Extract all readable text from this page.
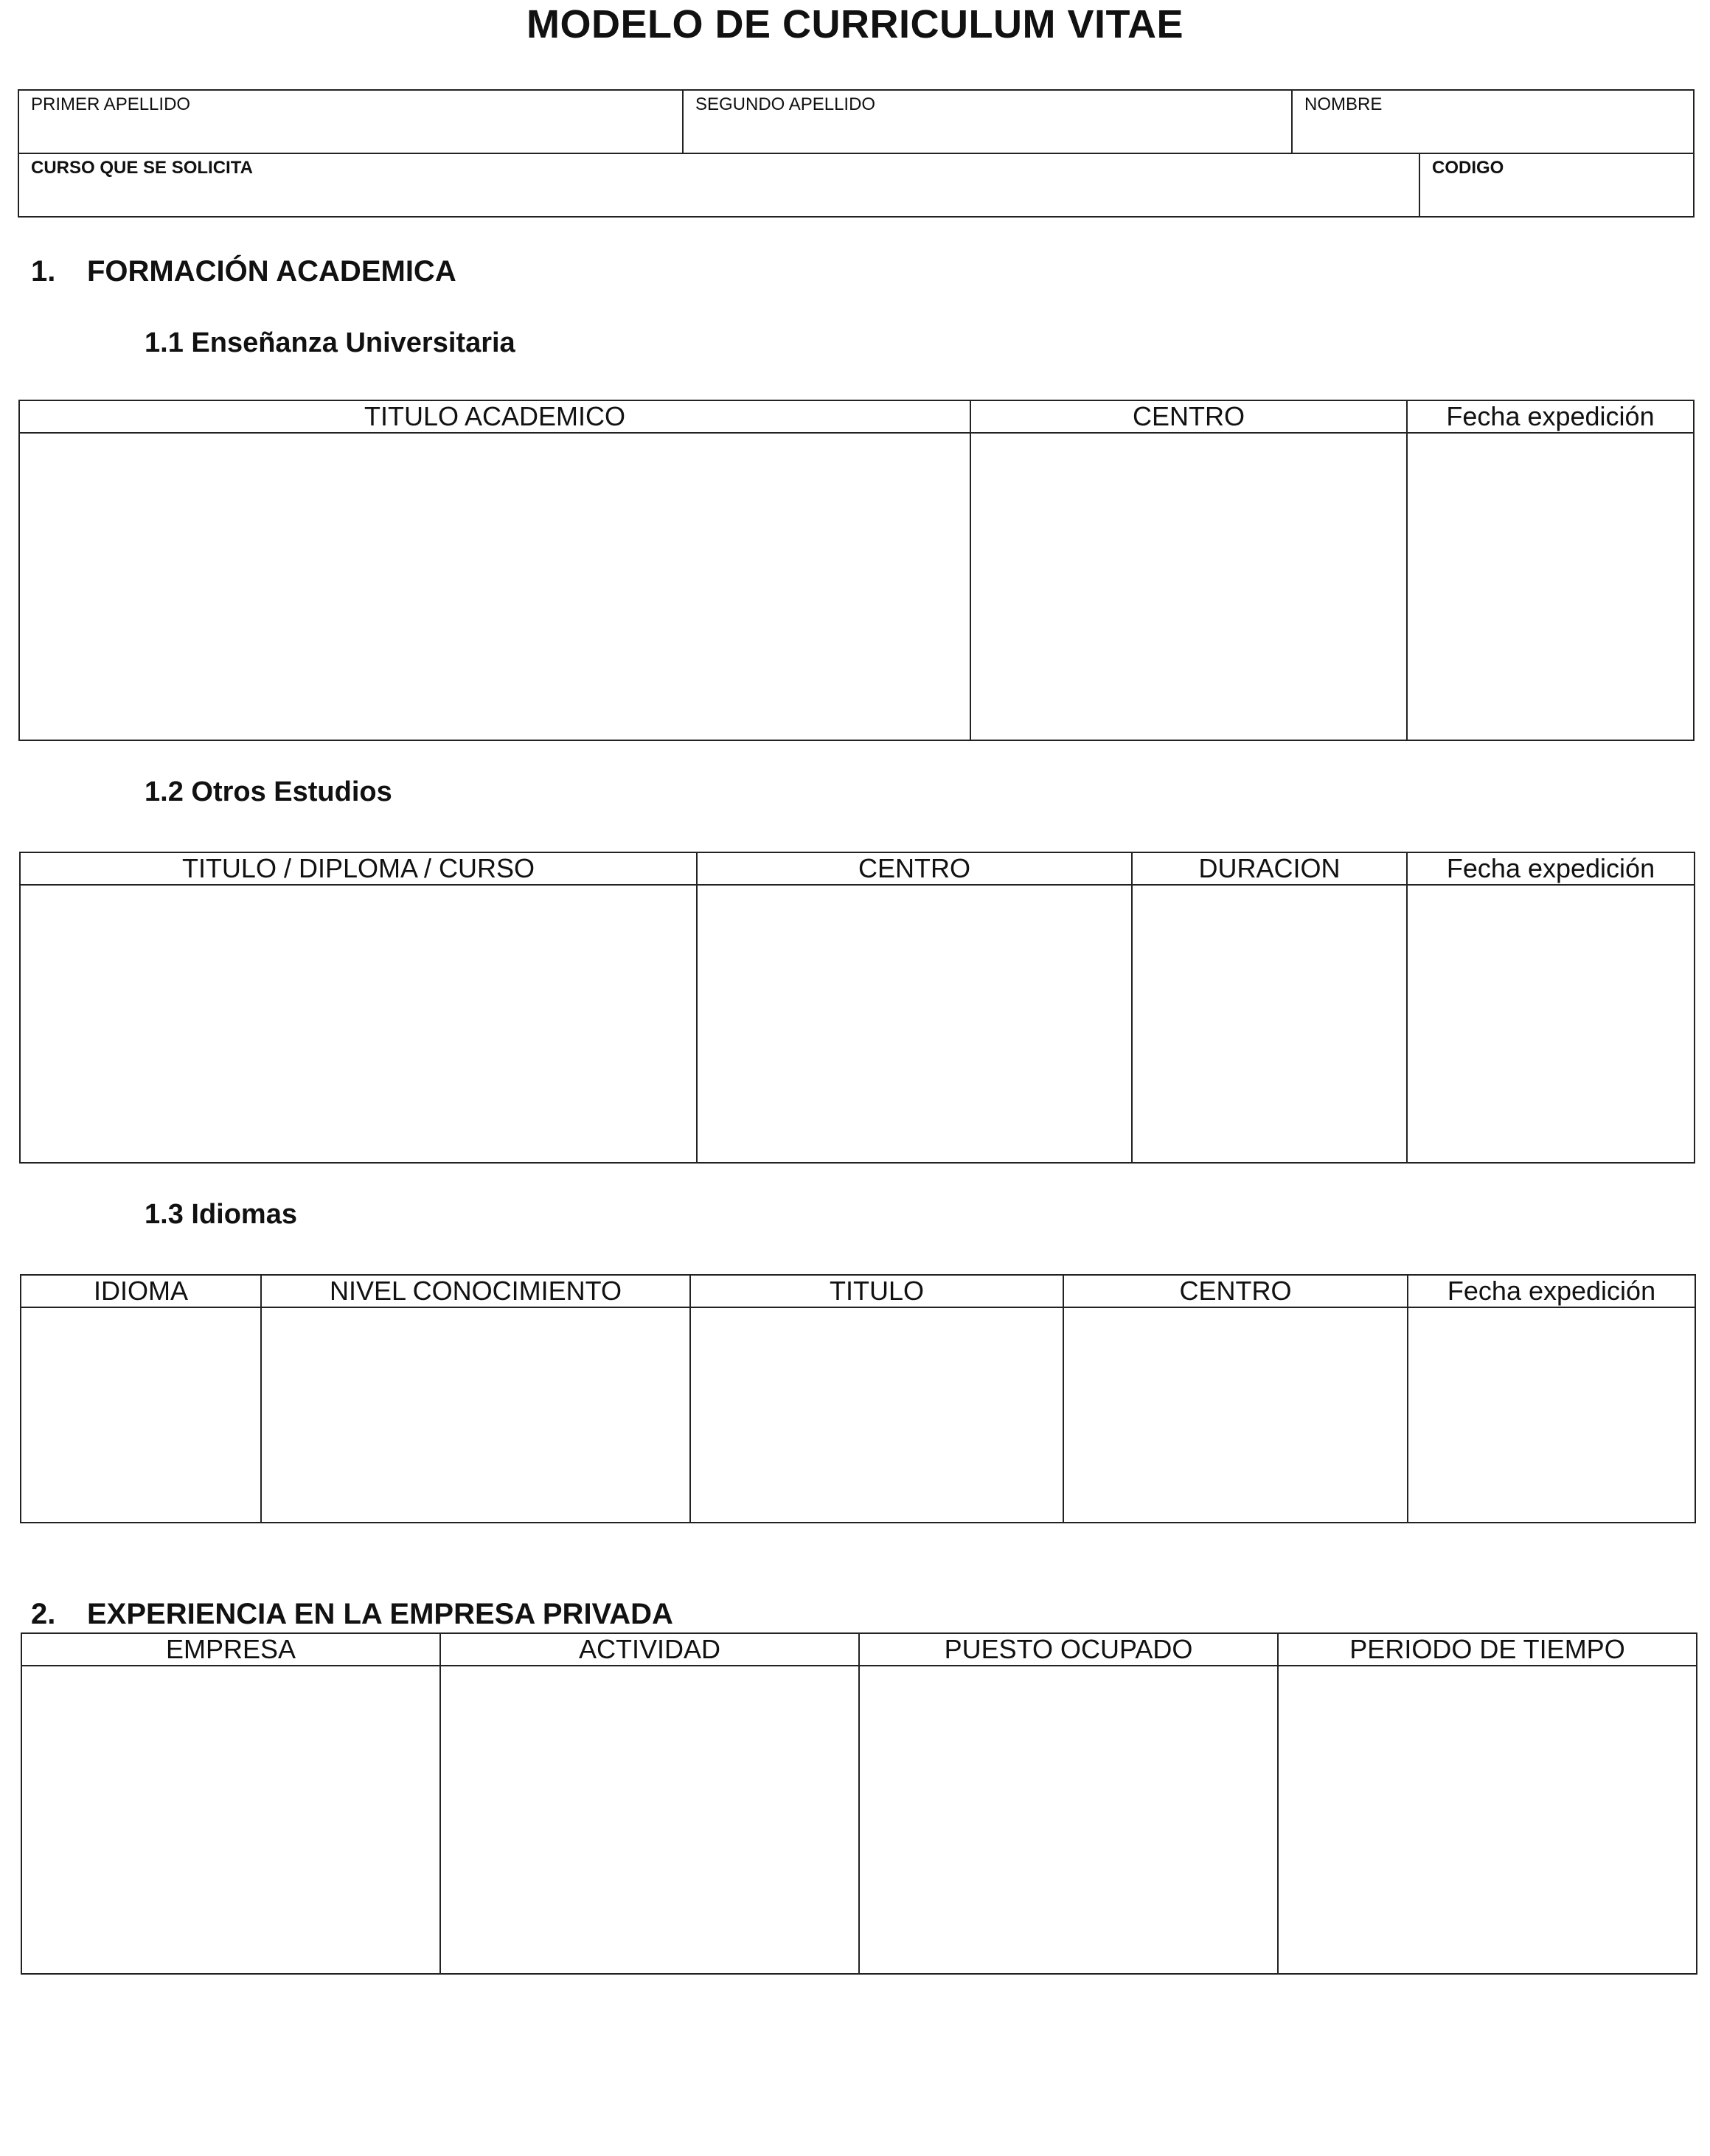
MODELO DE CURRICULUM VITAE
PRIMER APELLIDO	SEGUNDO APELLIDO	NOMBRE	

CURSO QUE SE SOLICITA			CODIGO
1. FORMACIÓN ACADEMICA
1.1 Enseñanza Universitaria
TITULO ACADEMICO	CENTRO	Fecha expedición

1.2 Otros Estudios
TITULO / DIPLOMA / CURSO	CENTRO	DURACION	Fecha expedición

1.3 Idiomas
IDIOMA	NIVEL CONOCIMIENTO	TITULO	CENTRO	Fecha expedición

2. EXPERIENCIA EN LA EMPRESA PRIVADA
EMPRESA	ACTIVIDAD	PUESTO OCUPADO	PERIODO DE TIEMPO
